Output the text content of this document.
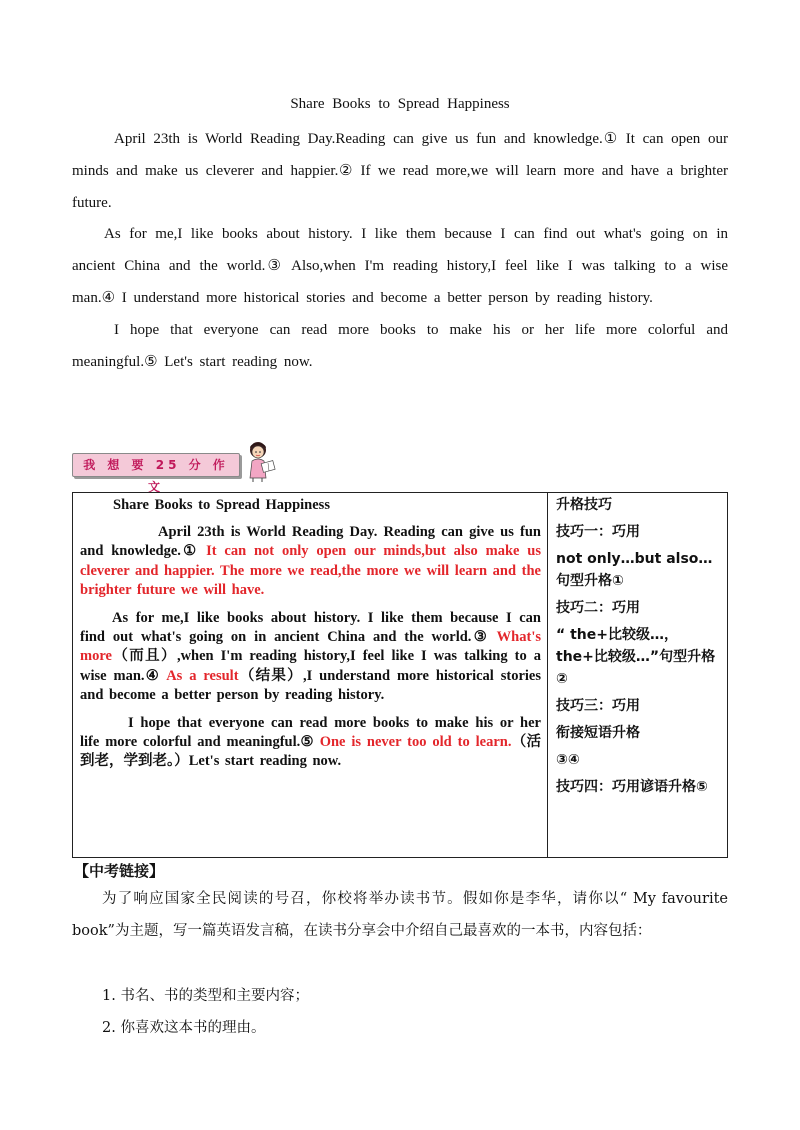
Share Books to Spread Happiness

April 23th is World Reading Day.Reading can give us fun and knowledge.① It can open our minds and make us cleverer and happier.② If we read more,we will learn more and have a brighter future.

As for me,I like books about history. I like them because I can find out what's going on in ancient China and the world.③ Also,when I'm reading history,I feel like I was talking to a wise man.④ I understand more historical stories and become a better person by reading history.

I hope that everyone can read more books to make his or her life more colorful and meaningful.⑤ Let's start reading now.

我 想 要 25 分 作 文

Share Books to Spread Happiness

April 23th is World Reading Day. Reading can give us fun and knowledge.① It can not only open our minds,but also make us cleverer and happier. The more we read,the more we will learn and the brighter future we will have.

As for me,I like books about history. I like them because I can find out what's going on in ancient China and the world.③ What's more（而且）,when I'm reading history,I feel like I was talking to a wise man.④ As a result（结果）,I understand more historical stories and become a better person by reading history.

I hope that everyone can read more books to make his or her life more colorful and meaningful.⑤ One is never too old to learn.（活到老，学到老。）Let's start reading now.

升格技巧
技巧一：巧用
not only…but also…句型升格①
技巧二：巧用
“ the+比较级…，the+比较级…”句型升格②
技巧三：巧用
衔接短语升格
③④
技巧四：巧用谚语升格⑤
【中考链接】
为了响应国家全民阅读的号召，你校将举办读书节。假如你是李华，请你以“ My favourite book”为主题，写一篇英语发言稿，在读书分享会中介绍自己最喜欢的一本书，内容包括：
1. 书名、书的类型和主要内容；
2. 你喜欢这本书的理由。
